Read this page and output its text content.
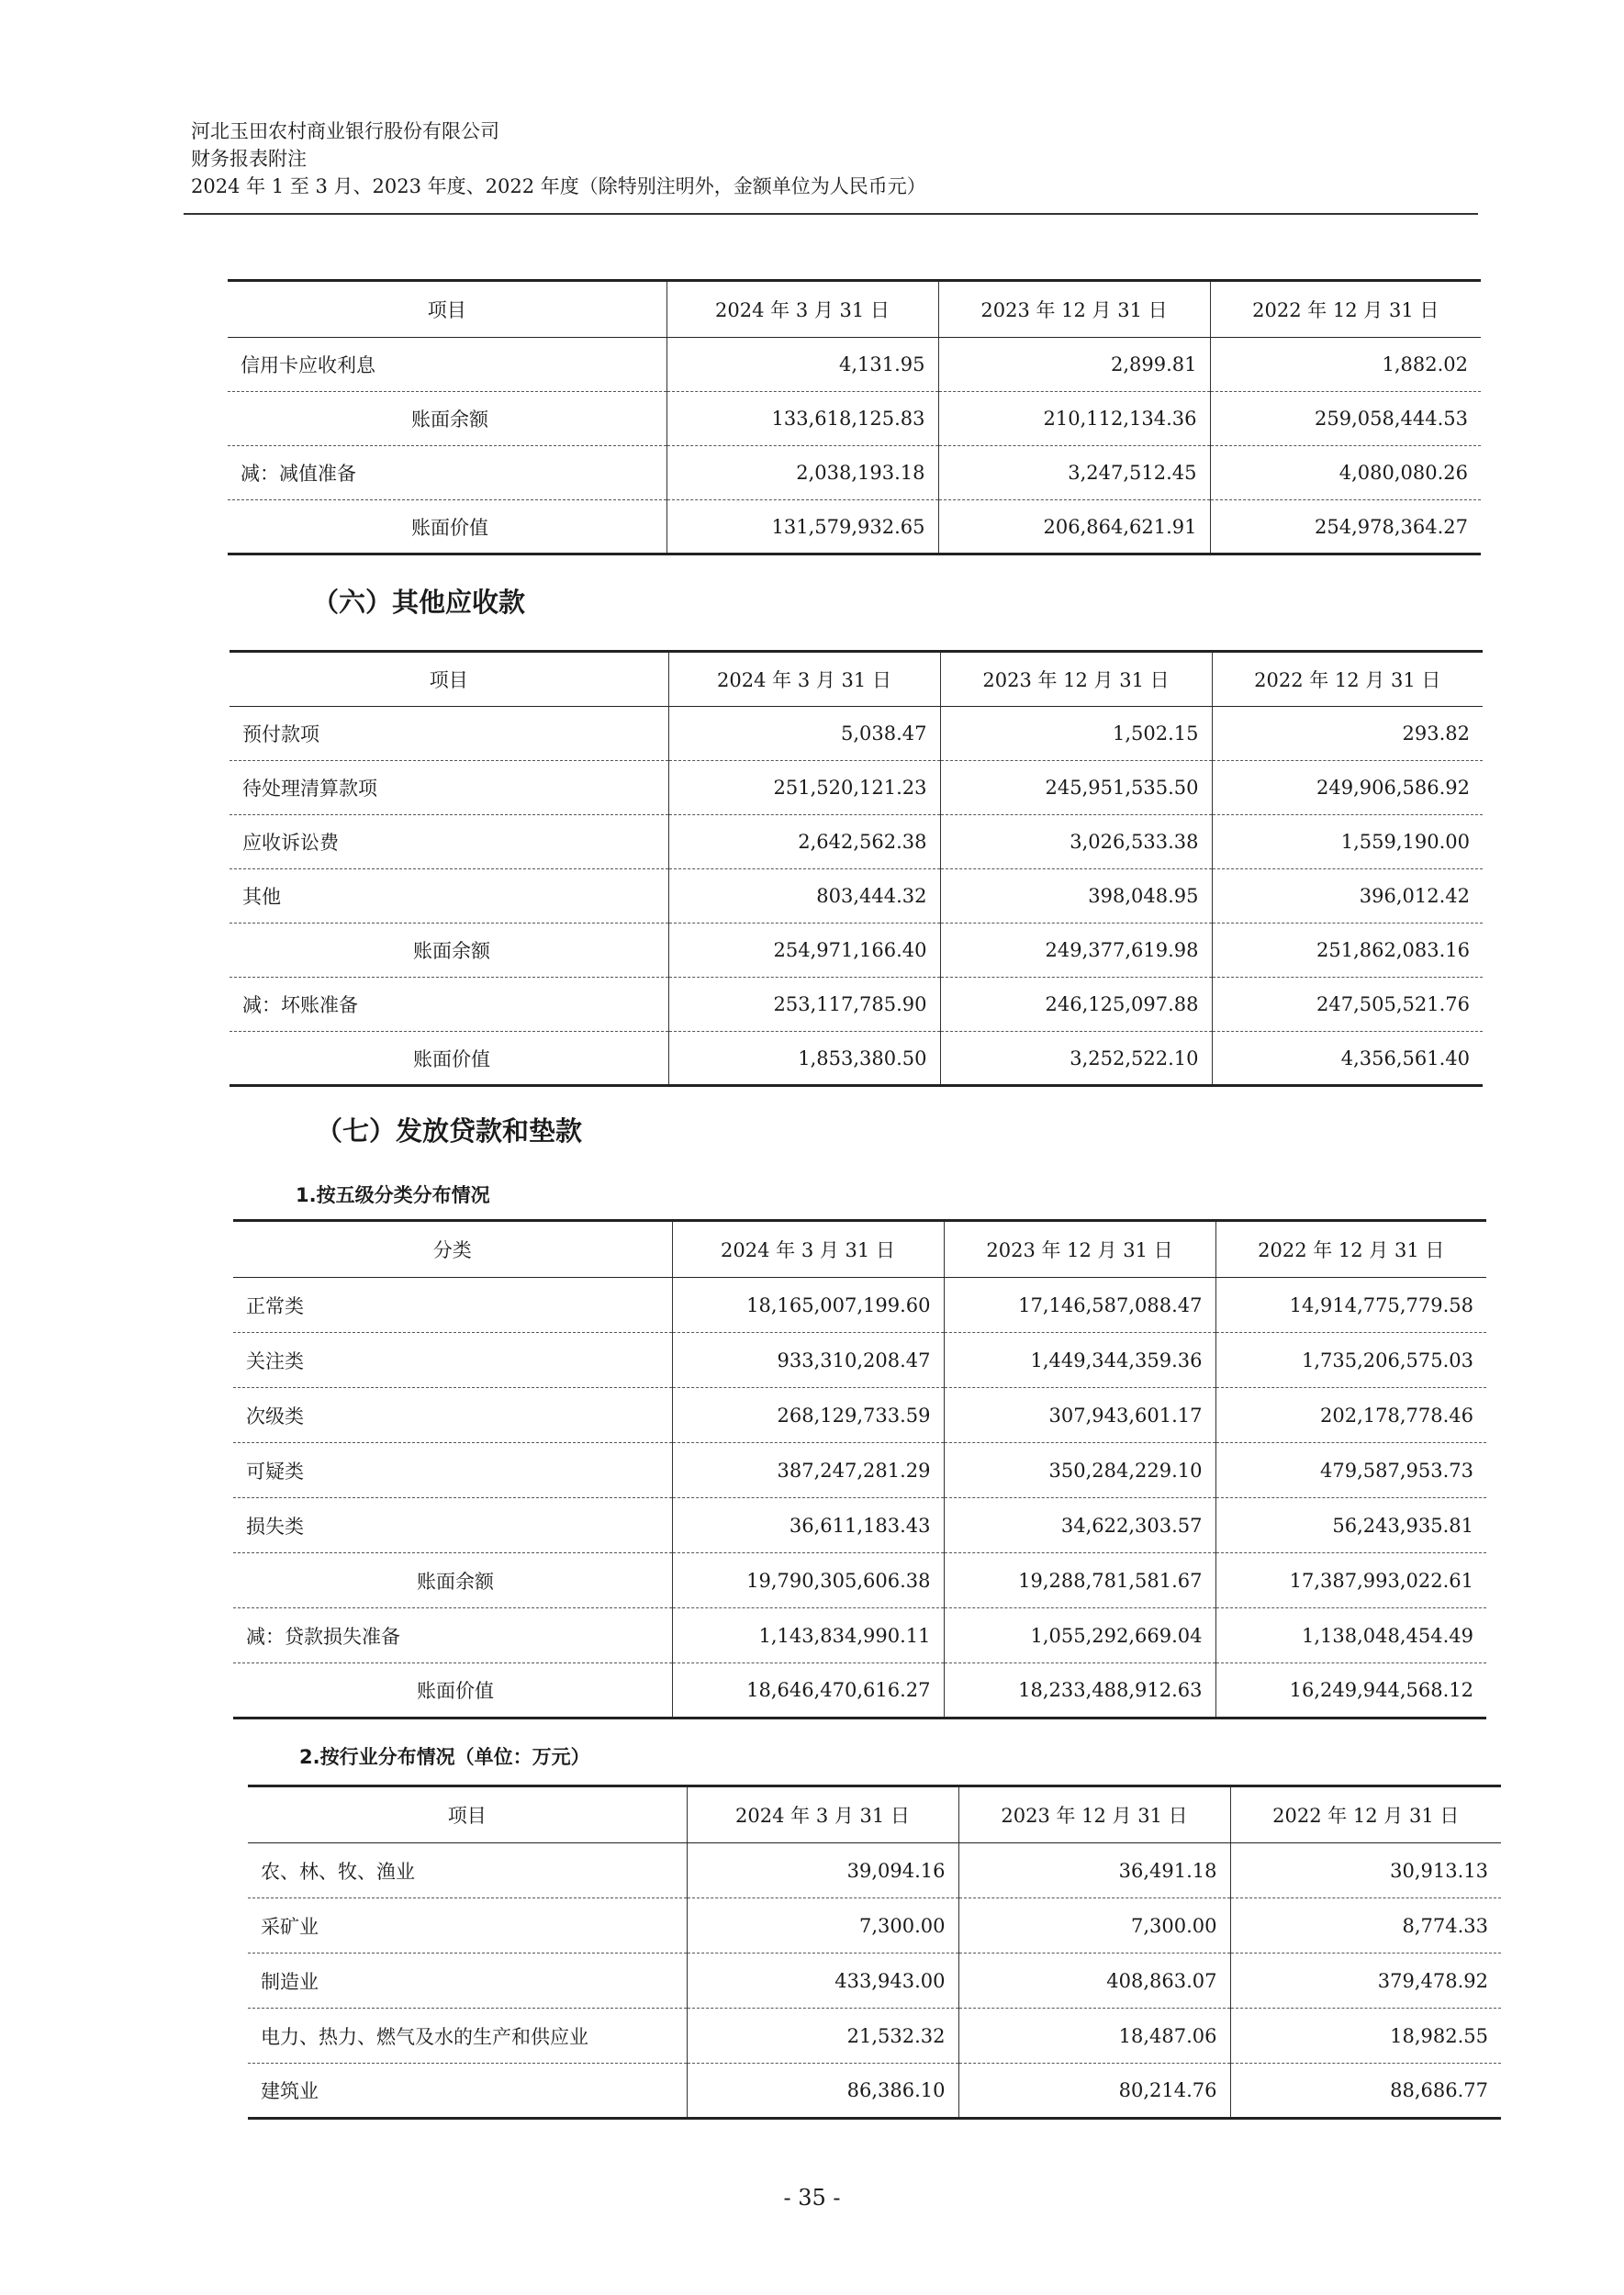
河北玉田农村商业银行股份有限公司
财务报表附注
2024 年 1 至 3 月、2023 年度、2022 年度（除特别注明外，金额单位为人民币元）
项目	2024 年 3 月 31 日	2023 年 12 月 31 日	2022 年 12 月 31 日
信用卡应收利息	4,131.95	2,899.81	1,882.02
账面余额	133,618,125.83	210,112,134.36	259,058,444.53
减：减值准备	2,038,193.18	3,247,512.45	4,080,080.26
账面价值	131,579,932.65	206,864,621.91	254,978,364.27
（六）其他应收款
项目	2024 年 3 月 31 日	2023 年 12 月 31 日	2022 年 12 月 31 日
预付款项	5,038.47	1,502.15	293.82
待处理清算款项	251,520,121.23	245,951,535.50	249,906,586.92
应收诉讼费	2,642,562.38	3,026,533.38	1,559,190.00
其他	803,444.32	398,048.95	396,012.42
账面余额	254,971,166.40	249,377,619.98	251,862,083.16
减：坏账准备	253,117,785.90	246,125,097.88	247,505,521.76
账面价值	1,853,380.50	3,252,522.10	4,356,561.40
（七）发放贷款和垫款
1.按五级分类分布情况
分类	2024 年 3 月 31 日	2023 年 12 月 31 日	2022 年 12 月 31 日
正常类	18,165,007,199.60	17,146,587,088.47	14,914,775,779.58
关注类	933,310,208.47	1,449,344,359.36	1,735,206,575.03
次级类	268,129,733.59	307,943,601.17	202,178,778.46
可疑类	387,247,281.29	350,284,229.10	479,587,953.73
损失类	36,611,183.43	34,622,303.57	56,243,935.81
账面余额	19,790,305,606.38	19,288,781,581.67	17,387,993,022.61
减：贷款损失准备	1,143,834,990.11	1,055,292,669.04	1,138,048,454.49
账面价值	18,646,470,616.27	18,233,488,912.63	16,249,944,568.12
2.按行业分布情况（单位：万元）
项目	2024 年 3 月 31 日	2023 年 12 月 31 日	2022 年 12 月 31 日
农、林、牧、渔业	39,094.16	36,491.18	30,913.13
采矿业	7,300.00	7,300.00	8,774.33
制造业	433,943.00	408,863.07	379,478.92
电力、热力、燃气及水的生产和供应业	21,532.32	18,487.06	18,982.55
建筑业	86,386.10	80,214.76	88,686.77
- 35 -
